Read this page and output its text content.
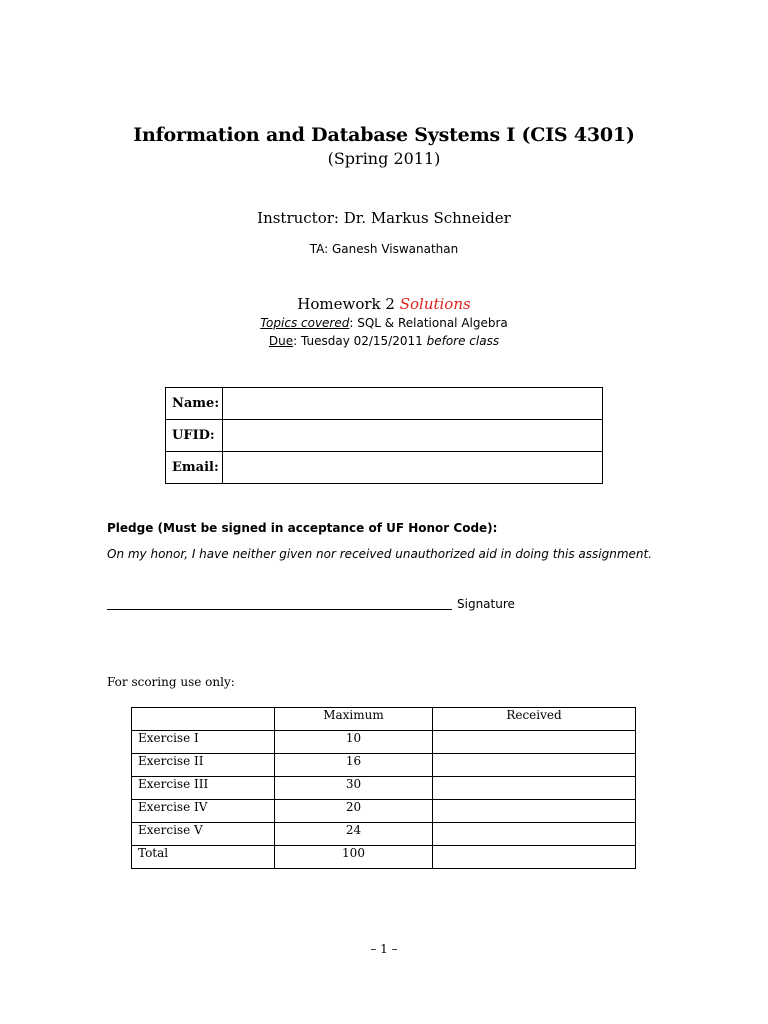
Information and Database Systems I (CIS 4301)
(Spring 2011)
Instructor: Dr. Markus Schneider
TA: Ganesh Viswanathan
Homework 2 Solutions
Topics covered: SQL & Relational Algebra
Due: Tuesday 02/15/2011 before class
Name:	
UFID:	
Email:	
Pledge (Must be signed in acceptance of UF Honor Code):
On my honor, I have neither given nor received unauthorized aid in doing this assignment.
Signature
For scoring use only:
	Maximum	Received
Exercise I	10	
Exercise II	16	
Exercise III	30	
Exercise IV	20	
Exercise V	24	
Total	100	
– 1 –
